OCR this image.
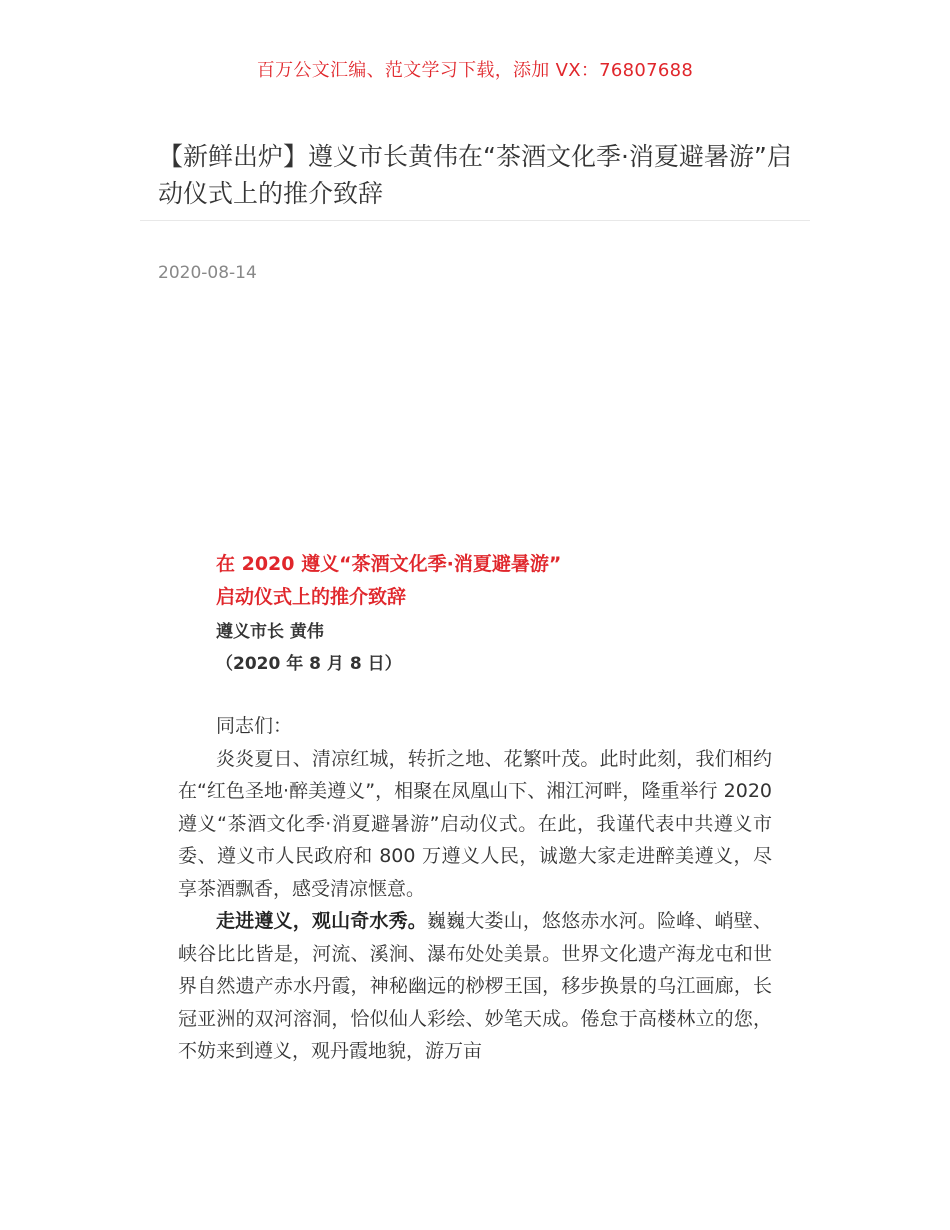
百万公文汇编、范文学习下载，添加 VX：76807688
【新鲜出炉】遵义市长黄伟在“茶酒文化季·消夏避暑游”启动仪式上的推介致辞
2020-08-14
在 2020 遵义“茶酒文化季·消夏避暑游”
启动仪式上的推介致辞
遵义市长 黄伟
（2020 年 8 月 8 日）

同志们：

炎炎夏日、清凉红城，转折之地、花繁叶茂。此时此刻，我们相约在“红色圣地·醉美遵义”，相聚在凤凰山下、湘江河畔，隆重举行 2020 遵义“茶酒文化季·消夏避暑游”启动仪式。在此，我谨代表中共遵义市委、遵义市人民政府和 800 万遵义人民，诚邀大家走进醉美遵义，尽享茶酒飘香，感受清凉惬意。

走进遵义，观山奇水秀。巍巍大娄山，悠悠赤水河。险峰、峭壁、峡谷比比皆是，河流、溪涧、瀑布处处美景。世界文化遗产海龙屯和世界自然遗产赤水丹霞，神秘幽远的桫椤王国，移步换景的乌江画廊，长冠亚洲的双河溶洞，恰似仙人彩绘、妙笔天成。倦怠于高楼林立的您，不妨来到遵义，观丹霞地貌，游万亩
